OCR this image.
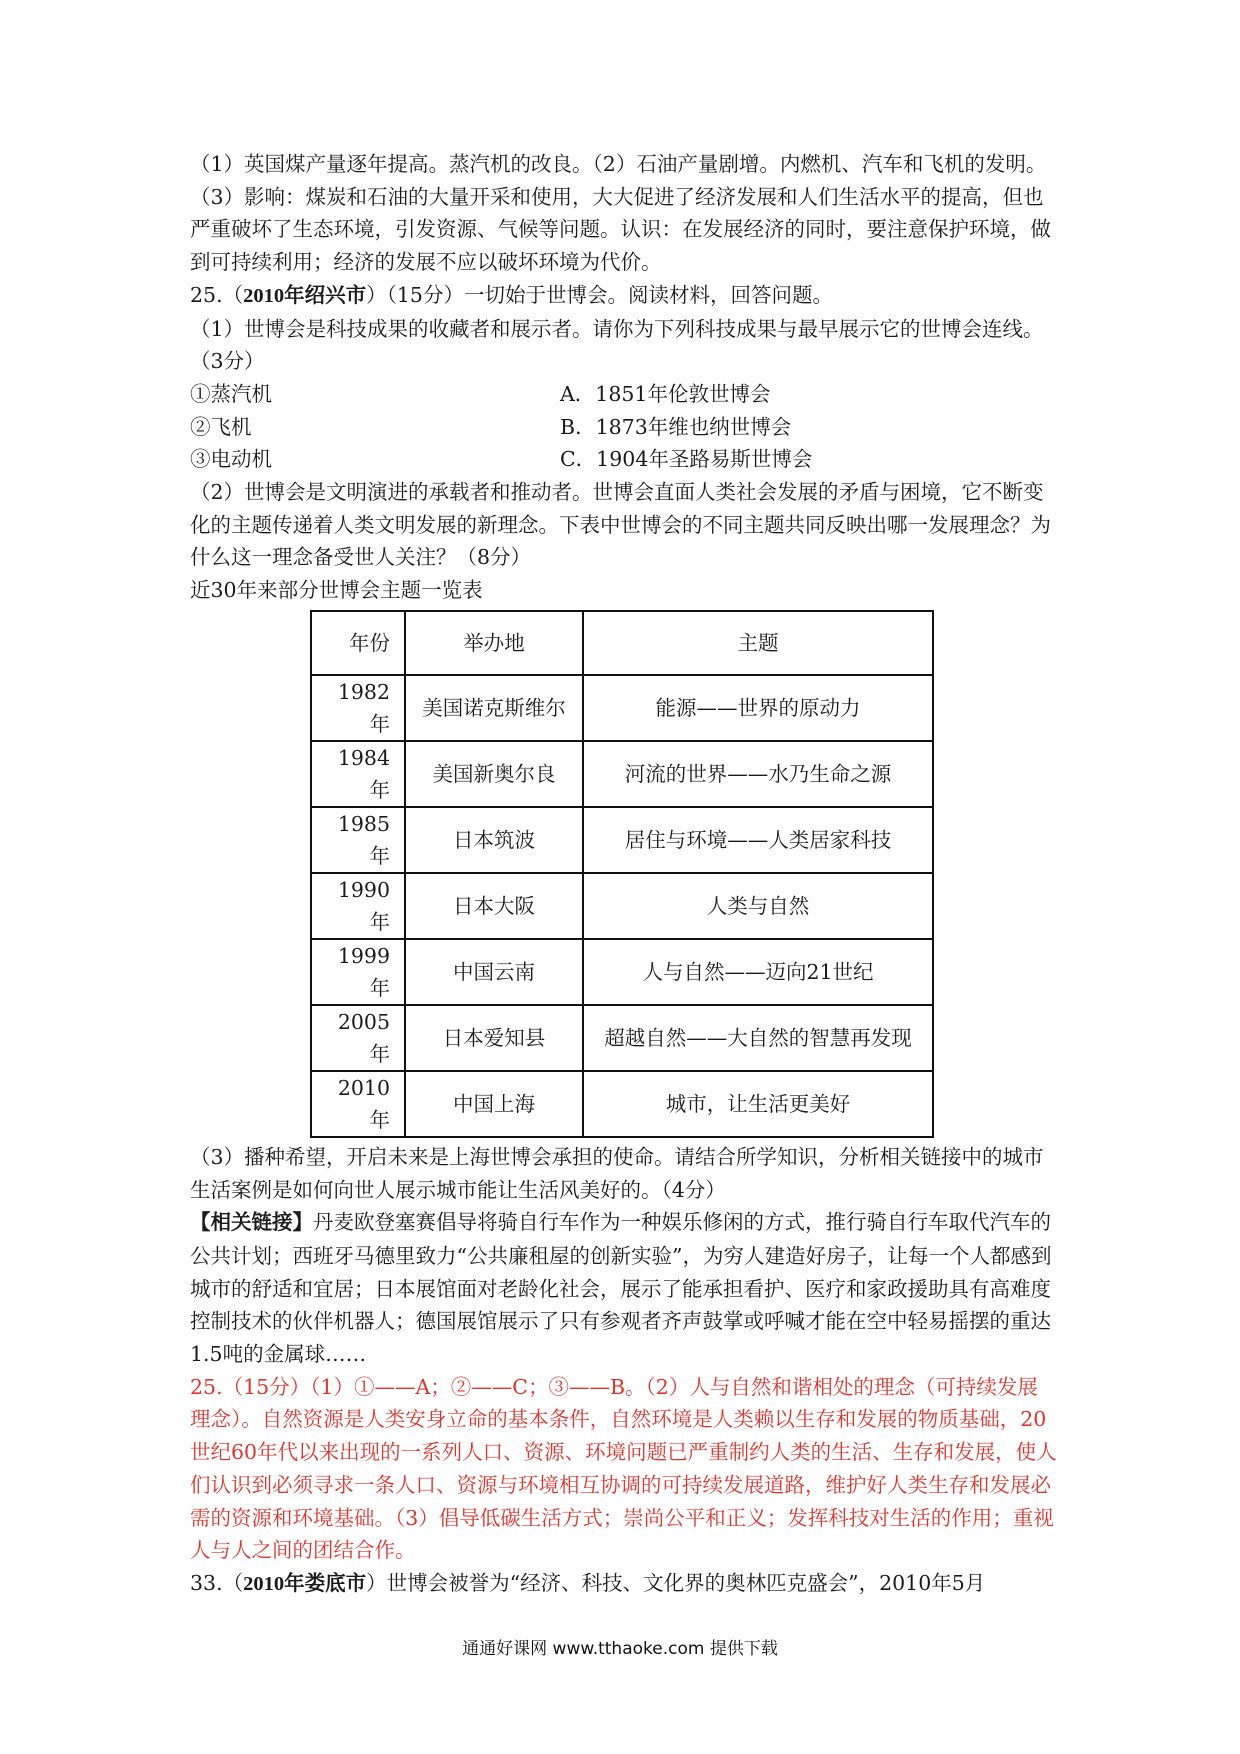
（1）英国煤产量逐年提高。蒸汽机的改良。（2）石油产量剧增。内燃机、汽车和飞机的发明。（3）影响：煤炭和石油的大量开采和使用，大大促进了经济发展和人们生活水平的提高，但也严重破坏了生态环境，引发资源、气候等问题。认识：在发展经济的同时，要注意保护环境，做到可持续利用；经济的发展不应以破坏环境为代价。

25.（2010年绍兴市）（15分）一切始于世博会。阅读材料，回答问题。

（1）世博会是科技成果的收藏者和展示者。请你为下列科技成果与最早展示它的世博会连线。（3分）

①蒸汽机	A．1851年伦敦世博会
②飞机	B．1873年维也纳世博会
③电动机	C．1904年圣路易斯世博会

（2）世博会是文明演进的承载者和推动者。世博会直面人类社会发展的矛盾与困境，它不断变化的主题传递着人类文明发展的新理念。下表中世博会的不同主题共同反映出哪一发展理念？为什么这一理念备受世人关注？（8分）

近30年来部分世博会主题一览表

年份	举办地	主题
1982年	美国诺克斯维尔	能源——世界的原动力
1984年	美国新奥尔良	河流的世界——水乃生命之源
1985年	日本筑波	居住与环境——人类居家科技
1990年	日本大阪	人类与自然
1999年	中国云南	人与自然——迈向21世纪
2005年	日本爱知县	超越自然——大自然的智慧再发现
2010年	中国上海	城市，让生活更美好

（3）播种希望，开启未来是上海世博会承担的使命。请结合所学知识，分析相关链接中的城市生活案例是如何向世人展示城市能让生活风美好的。（4分）

【相关链接】丹麦欧登塞赛倡导将骑自行车作为一种娱乐修闲的方式，推行骑自行车取代汽车的公共计划；西班牙马德里致力“公共廉租屋的创新实验”，为穷人建造好房子，让每一个人都感到城市的舒适和宜居；日本展馆面对老龄化社会，展示了能承担看护、医疗和家政援助具有高难度控制技术的伙伴机器人；德国展馆展示了只有参观者齐声鼓掌或呼喊才能在空中轻易摇摆的重达1.5吨的金属球……

25.（15分）（1）①——A；②——C；③——B。（2）人与自然和谐相处的理念（可持续发展理念）。自然资源是人类安身立命的基本条件，自然环境是人类赖以生存和发展的物质基础，20世纪60年代以来出现的一系列人口、资源、环境问题已严重制约人类的生活、生存和发展，使人们认识到必须寻求一条人口、资源与环境相互协调的可持续发展道路，维护好人类生存和发展必需的资源和环境基础。（3）倡导低碳生活方式；崇尚公平和正义；发挥科技对生活的作用；重视人与人之间的团结合作。

33.（2010年娄底市）世博会被誉为“经济、科技、文化界的奥林匹克盛会”，2010年5月

通通好课网 www.tthaoke.com 提供下载
